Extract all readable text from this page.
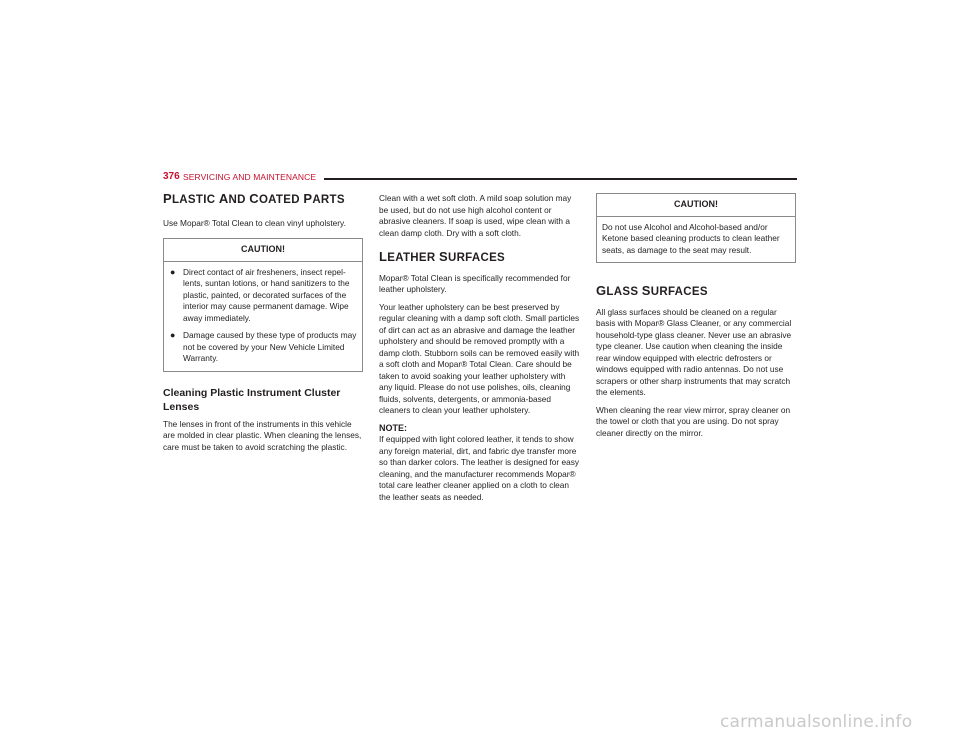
376 SERVICING AND MAINTENANCE
PLASTIC AND COATED PARTS

Use Mopar® Total Clean to clean vinyl upholstery.

CAUTION!
● Direct contact of air fresheners, insect repellents, suntan lotions, or hand sanitizers to the plastic, painted, or decorated surfaces of the interior may cause permanent damage. Wipe away immediately.
● Damage caused by these type of products may not be covered by your New Vehicle Limited Warranty.
Cleaning Plastic Instrument Cluster Lenses

The lenses in front of the instruments in this vehicle are molded in clear plastic. When cleaning the lenses, care must be taken to avoid scratching the plastic.

Clean with a wet soft cloth. A mild soap solution may be used, but do not use high alcohol content or abrasive cleaners. If soap is used, wipe clean with a clean damp cloth. Dry with a soft cloth.

LEATHER SURFACES

Mopar® Total Clean is specifically recommended for leather upholstery.

Your leather upholstery can be best preserved by regular cleaning with a damp soft cloth. Small particles of dirt can act as an abrasive and damage the leather upholstery and should be removed promptly with a damp cloth. Stubborn soils can be removed easily with a soft cloth and Mopar® Total Clean. Care should be taken to avoid soaking your leather upholstery with any liquid. Please do not use polishes, oils, cleaning fluids, solvents, detergents, or ammonia-based cleaners to clean your leather upholstery.

NOTE:

If equipped with light colored leather, it tends to show any foreign material, dirt, and fabric dye transfer more so than darker colors. The leather is designed for easy cleaning, and the manufacturer recommends Mopar® total care leather cleaner applied on a cloth to clean the leather seats as needed.

CAUTION!
Do not use Alcohol and Alcohol-based and/or Ketone based cleaning products to clean leather seats, as damage to the seat may result.
GLASS SURFACES

All glass surfaces should be cleaned on a regular basis with Mopar® Glass Cleaner, or any commercial household-type glass cleaner. Never use an abrasive type cleaner. Use caution when cleaning the inside rear window equipped with electric defrosters or windows equipped with radio antennas. Do not use scrapers or other sharp instruments that may scratch the elements.

When cleaning the rear view mirror, spray cleaner on the towel or cloth that you are using. Do not spray cleaner directly on the mirror.

carmanualsonline.info
